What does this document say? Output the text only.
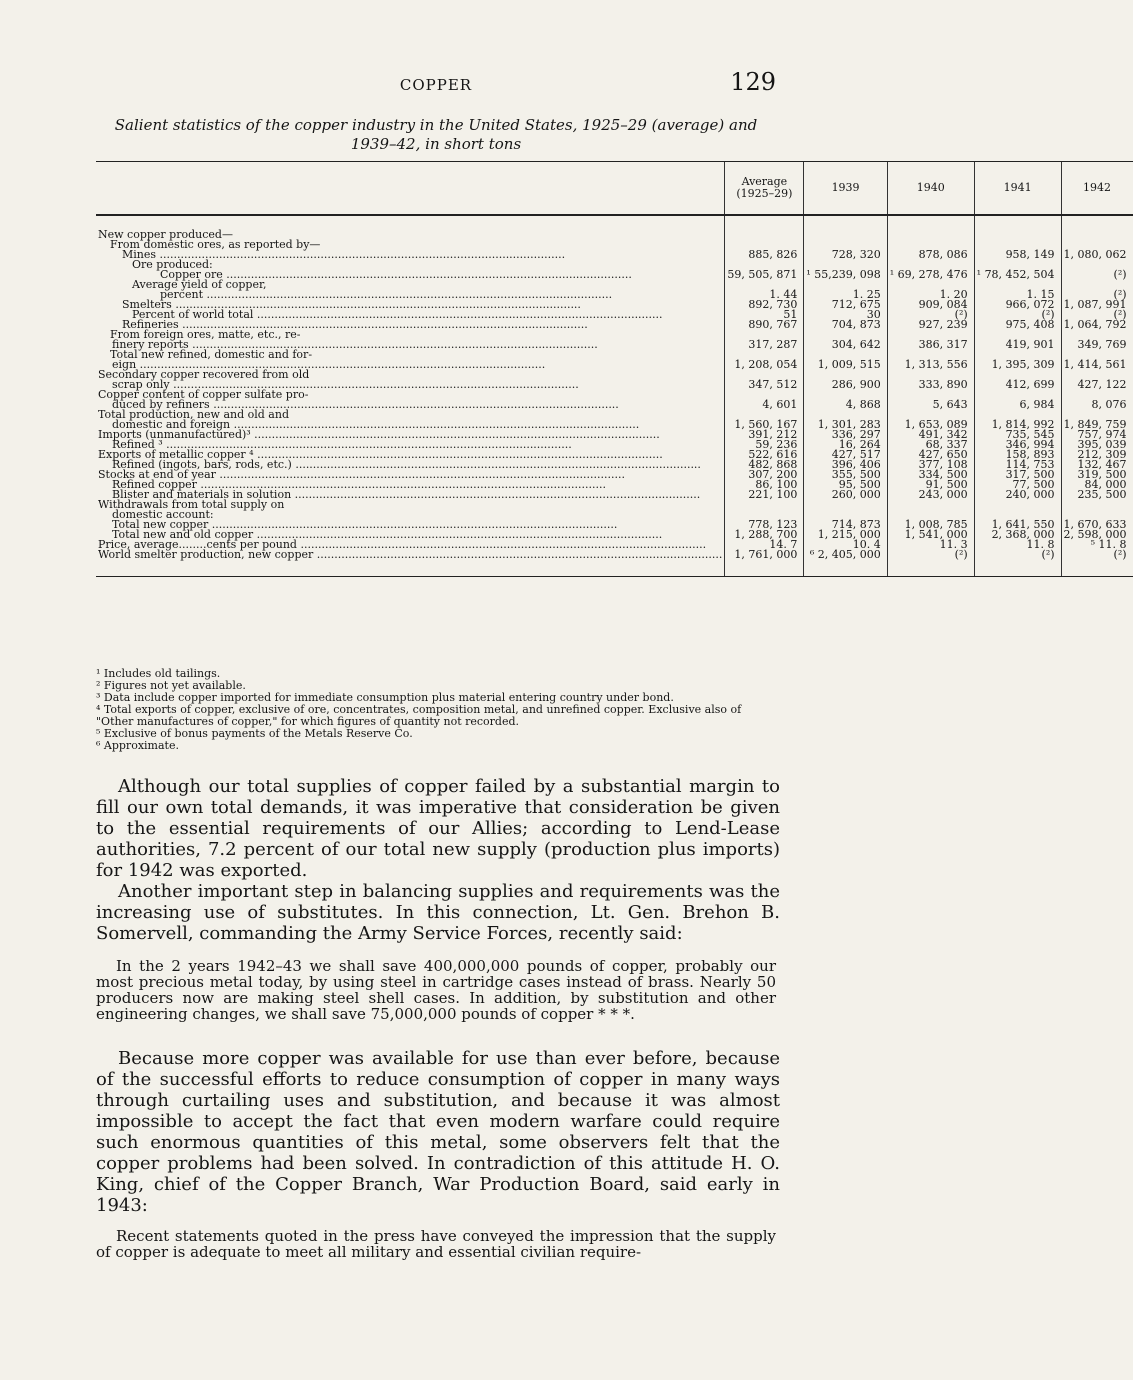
COPPER	129
Salient statistics of the copper industry in the United States, 1925–29 (average) and
1939–42, in short tons
	Average (1925–29)	1939	1940	1941	1942

New copper produced—					

From domestic ores, as reported by—					

Mines .....	885, 826	728, 320	878, 086	958, 149	1, 080, 062

Ore produced:					

Copper ore .....	59, 505, 871	¹ 55,239, 098	¹ 69, 278, 476	¹ 78, 452, 504	(²)

Average yield of copper,					

percent .....	1. 44	1. 25	1. 20	1. 15	(²)

Smelters .....	892, 730	712, 675	909, 084	966, 072	1, 087, 991

Percent of world total .....	51	30	(²)	(²)	(²)

Refineries .....	890, 767	704, 873	927, 239	975, 408	1, 064, 792

From foreign ores, matte, etc., re-					

finery reports .....	317, 287	304, 642	386, 317	419, 901	349, 769

Total new refined, domestic and for-					

eign .....	1, 208, 054	1, 009, 515	1, 313, 556	1, 395, 309	1, 414, 561

Secondary copper recovered from old					

scrap only .....	347, 512	286, 900	333, 890	412, 699	427, 122

Copper content of copper sulfate pro-					

duced by refiners .....	4, 601	4, 868	5, 643	6, 984	8, 076

Total production, new and old and					

domestic and foreign .....	1, 560, 167	1, 301, 283	1, 653, 089	1, 814, 992	1, 849, 759

Imports (unmanufactured)³ .....	391, 212	336, 297	491, 342	735, 545	757, 974

Refined ³ .....	59, 236	16, 264	68, 337	346, 994	395, 039

Exports of metallic copper ⁴ .....	522, 616	427, 517	427, 650	158, 893	212, 309

Refined (ingots, bars, rods, etc.) .....	482, 868	396, 406	377, 108	114, 753	132, 467

Stocks at end of year .....	307, 200	355, 500	334, 500	317, 500	319, 500

Refined copper .....	86, 100	95, 500	91, 500	77, 500	84, 000

Blister and materials in solution .....	221, 100	260, 000	243, 000	240, 000	235, 500

Withdrawals from total supply on					

domestic account:					

Total new copper .....	778, 123	714, 873	1, 008, 785	1, 641, 550	1, 670, 633

Total new and old copper .....	1, 288, 700	1, 215, 000	1, 541, 000	2, 368, 000	2, 598, 000

Price, average........cents per pound .....	14. 7	10. 4	11. 3	11. 8	⁵ 11. 8

World smelter production, new copper .....	1, 761, 000	⁶ 2, 405, 000	(²)	(²)	(²)

¹ Includes old tailings.

² Figures not yet available.

³ Data include copper imported for immediate consumption plus material entering country under bond.

⁴ Total exports of copper, exclusive of ore, concentrates, composition metal, and unrefined copper. Exclusive also of "Other manufactures of copper," for which figures of quantity not recorded.

⁵ Exclusive of bonus payments of the Metals Reserve Co.

⁶ Approximate.

Although our total supplies of copper failed by a substantial margin to fill our own total demands, it was imperative that consideration be given to the essential requirements of our Allies; according to Lend-Lease authorities, 7.2 percent of our total new supply (production plus imports) for 1942 was exported.

Another important step in balancing supplies and requirements was the increasing use of substitutes. In this connection, Lt. Gen. Brehon B. Somervell, commanding the Army Service Forces, recently said:

In the 2 years 1942–43 we shall save 400,000,000 pounds of copper, probably our most precious metal today, by using steel in cartridge cases instead of brass. Nearly 50 producers now are making steel shell cases. In addition, by substitution and other engineering changes, we shall save 75,000,000 pounds of copper * * *.

Because more copper was available for use than ever before, because of the successful efforts to reduce consumption of copper in many ways through curtailing uses and substitution, and because it was almost impossible to accept the fact that even modern warfare could require such enormous quantities of this metal, some observers felt that the copper problems had been solved. In contradiction of this attitude H. O. King, chief of the Copper Branch, War Production Board, said early in 1943:

Recent statements quoted in the press have conveyed the impression that the supply of copper is adequate to meet all military and essential civilian require-
